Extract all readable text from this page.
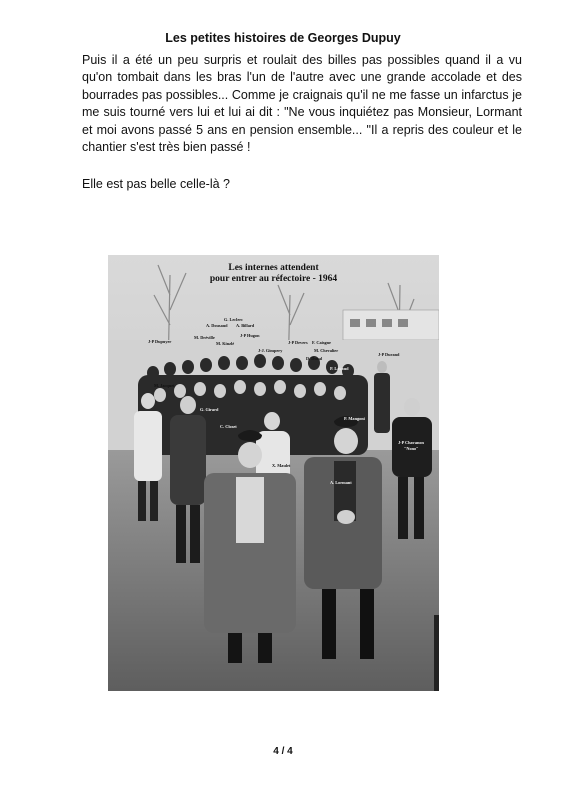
Les petites histoires de Georges Dupuy

Puis il a été un peu surpris et roulait des billes pas possibles quand il a vu qu'on tombait dans les bras l'un de l'autre avec une grande accolade et des bourrades pas possibles... Comme je craignais qu'il ne me fasse un infarctus je me suis tourné vers lui et lui ai dit : "Ne vous inquiétez pas Monsieur, Lormant et moi avons passé 5 ans en pension ensemble... "Il a repris des couleur et le chantier s'est très bien passé !

Elle est pas belle celle-là ?
Les internes attendent
pour entrer au réfectoire - 1964
G. Leclerc
A. Dousaud A. Billard
J-P Dupuyer
M. Dréville	J-P Hugon
M. Kinzlé	J-P Devers F. Caisgne
J-J. Gimpery	M. Chevalier
J-P Durand
D. Duval
P. Lavaud
M. Jacquet
G. Girard
P. Mangoni
C. Closet
J-P Chavanon
"Nono"
X. Maulet
A. Lormant
4 / 4
